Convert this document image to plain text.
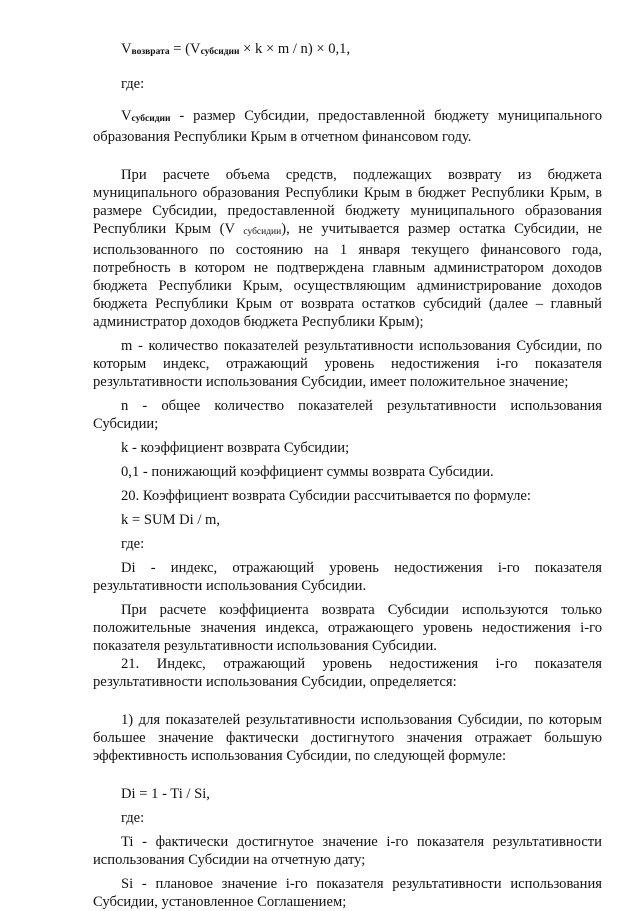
$V_{возврата} = (V_{субсидии} \times k \times m / n) \times 0,1$,

где:

$V_{субсидии}$ - размер Субсидии, предоставленной бюджету муниципального образования Республики Крым в отчетном финансовом году.

При расчете объема средств, подлежащих возврату из бюджета муниципального образования Республики Крым в бюджет Республики Крым, в размере Субсидии, предоставленной бюджету муниципального образования Республики Крым (V $_{субсидии}$), не учитывается размер остатка Субсидии, не использованного по состоянию на 1 января текущего финансового года, потребность в котором не подтверждена главным администратором доходов бюджета Республики Крым, осуществляющим администрирование доходов бюджета Республики Крым от возврата остатков субсидий (далее – главный администратор доходов бюджета Республики Крым);

m - количество показателей результативности использования Субсидии, по которым индекс, отражающий уровень недостижения i-го показателя результативности использования Субсидии, имеет положительное значение;

n - общее количество показателей результативности использования Субсидии;

k - коэффициент возврата Субсидии;

0,1 - понижающий коэффициент суммы возврата Субсидии.

20. Коэффициент возврата Субсидии рассчитывается по формуле:

k = SUM Di / m,

где:

Di - индекс, отражающий уровень недостижения i-го показателя результативности использования Субсидии.

При расчете коэффициента возврата Субсидии используются только положительные значения индекса, отражающего уровень недостижения i-го показателя результативности использования Субсидии.

21. Индекс, отражающий уровень недостижения i-го показателя результативности использования Субсидии, определяется:

1) для показателей результативности использования Субсидии, по которым большее значение фактически достигнутого значения отражает большую эффективность использования Субсидии, по следующей формуле:

Di = 1 - Ti / Si,

где:

Ti - фактически достигнутое значение i-го показателя результативности использования Субсидии на отчетную дату;

Si - плановое значение i-го показателя результативности использования Субсидии, установленное Соглашением;
